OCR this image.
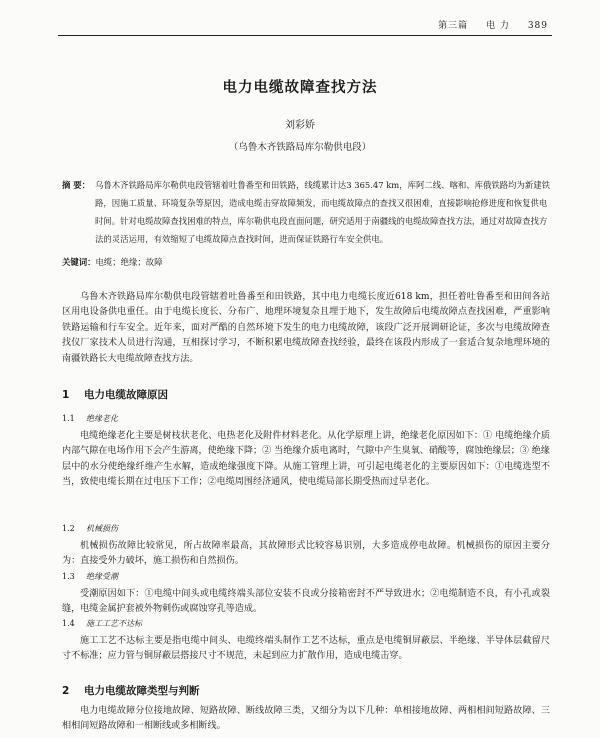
第三篇 电 力 389
电力电缆故障查找方法
刘彩娇
（乌鲁木齐铁路局库尔勒供电段）
摘 要： 乌鲁木齐铁路局库尔勒供电段管辖着吐鲁番至和田铁路，线缆累计达3 365.47 km，库阿二线、喀和、库俄铁路均为新建铁路，因施工质量、环境复杂等原因，造成电缆击穿故障频发，而电缆故障点的查找又很困难，直接影响抢修进度和恢复供电时间。针对电缆故障查找困难的特点，库尔勒供电段直面问题，研究适用于南疆线的电缆故障查找方法，通过对故障查找方法的灵活运用，有效缩短了电缆故障点查找时间，进而保证铁路行车安全供电。
关键词：电缆；绝缘；故障
乌鲁木齐铁路局库尔勒供电段管辖着吐鲁番至和田铁路，其中电力电缆长度近618 km，担任着吐鲁番至和田间各站区用电设备供电重任。由于电缆长度长、分布广、地理环境复杂且埋于地下，发生故障后电缆故障点查找困难，严重影响铁路运输和行车安全。近年来，面对严酷的自然环境下发生的电力电缆故障，该段广泛开展调研论证，多次与电缆故障查找仪厂家技术人员进行沟通，互相探讨学习，不断积累电缆故障查找经验，最终在该段内形成了一套适合复杂地理环境的南疆铁路长大电缆故障查找方法。
1 电力电缆故障原因
1.1 绝缘老化
电缆绝缘老化主要是树枝状老化、电热老化及附件材料老化。从化学原理上讲，绝缘老化原因如下：① 电缆绝缘介质内部气隙在电场作用下会产生游离，使绝缘下降；② 当绝缘介质电离时，气隙中产生臭氧、硝酸等，腐蚀绝缘层；③ 绝缘层中的水分使绝缘纤维产生水解，造成绝缘强度下降。从施工管理上讲，可引起电缆老化的主要原因如下：①电缆选型不当，致使电缆长期在过电压下工作；②电缆周围经济通风，使电缆局部长期受热而过早老化。
1.2 机械损伤
机械损伤故障比较常见，所占故障率最高，其故障形式比较容易识别，大多造成停电故障。机械损伤的原因主要分为：直接受外力破坏，施工损伤和自然损伤。
1.3 绝缘受潮
受潮原因如下：①电缆中间头或电缆终端头部位安装不良或分接箱密封不严导致进水；②电缆制造不良，有小孔或裂缝，电缆金属护套被外物刺伤或腐蚀穿孔等造成。
1.4 施工工艺不达标
施工工艺不达标主要是指电缆中间头、电缆终端头制作工艺不达标，重点是电缆铜屏蔽层、半绝缘、半导体层截留尺寸不标准；应力管与铜屏蔽层搭接尺寸不规范，未起到应力扩散作用，造成电缆击穿。
2 电力电缆故障类型与判断
电力电缆故障分位接地故障、短路故障、断线故障三类，又细分为以下几种：单相接地故障、两相相间短路故障、三相相间短路故障和一相断线或多相断线。
